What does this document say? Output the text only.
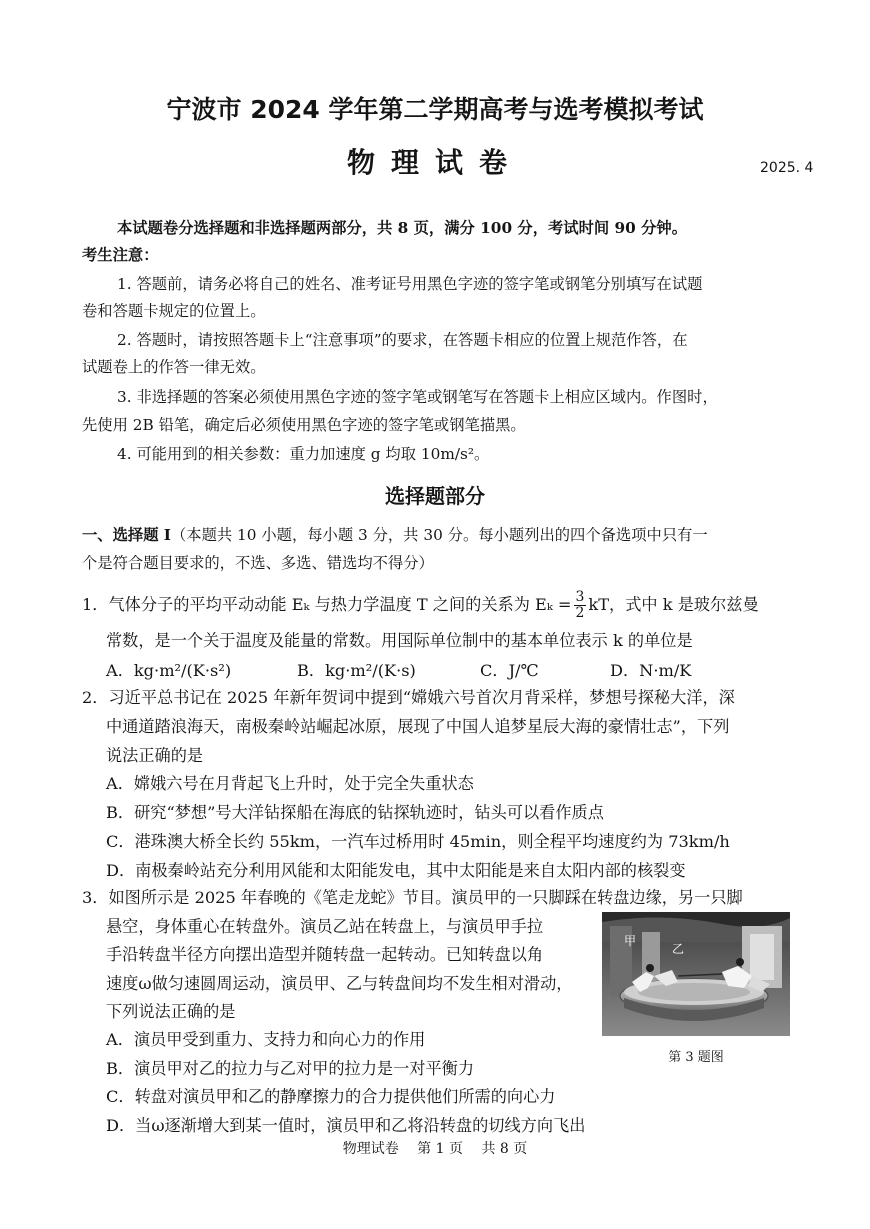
宁波市 2024 学年第二学期高考与选考模拟考试
物理试卷	2025. 4
本试题卷分选择题和非选择题两部分，共 8 页，满分 100 分，考试时间 90 分钟。
考生注意：
1. 答题前，请务必将自己的姓名、准考证号用黑色字迹的签字笔或钢笔分别填写在试题
卷和答题卡规定的位置上。
2. 答题时，请按照答题卡上“注意事项”的要求，在答题卡相应的位置上规范作答，在
试题卷上的作答一律无效。
3. 非选择题的答案必须使用黑色字迹的签字笔或钢笔写在答题卡上相应区域内。作图时，
先使用 2B 铅笔，确定后必须使用黑色字迹的签字笔或钢笔描黑。
4. 可能用到的相关参数：重力加速度 g 均取 10m/s²。
选择题部分
一、选择题 Ⅰ（本题共 10 小题，每小题 3 分，共 30 分。每小题列出的四个备选项中只有一
个是符合题目要求的，不选、多选、错选均不得分）
1． 气体分子的平均平动动能 Eₖ 与热力学温度 T 之间的关系为 $E_k = \frac{3}{2}$ kT，式中 k 是玻尔兹曼
常数，是一个关于温度及能量的常数。用国际单位制中的基本单位表示 k 的单位是
A．kg·m²/(K·s²)	B．kg·m²/(K·s)	C．J/℃	D．N·m/K
2．习近平总书记在 2025 年新年贺词中提到“嫦娥六号首次月背采样，梦想号探秘大洋，深
中通道踏浪海天，南极秦岭站崛起冰原，展现了中国人追梦星辰大海的豪情壮志”，下列
说法正确的是
A．嫦娥六号在月背起飞上升时，处于完全失重状态
B．研究“梦想”号大洋钻探船在海底的钻探轨迹时，钻头可以看作质点
C．港珠澳大桥全长约 55km，一汽车过桥用时 45min，则全程平均速度约为 73km/h
D．南极秦岭站充分利用风能和太阳能发电，其中太阳能是来自太阳内部的核裂变
3．如图所示是 2025 年春晚的《笔走龙蛇》节目。演员甲的一只脚踩在转盘边缘，另一只脚
悬空，身体重心在转盘外。演员乙站在转盘上，与演员甲手拉
手沿转盘半径方向摆出造型并随转盘一起转动。已知转盘以角
速度ω做匀速圆周运动，演员甲、乙与转盘间均不发生相对滑动，
下列说法正确的是
A．演员甲受到重力、支持力和向心力的作用
B．演员甲对乙的拉力与乙对甲的拉力是一对平衡力
C．转盘对演员甲和乙的静摩擦力的合力提供他们所需的向心力
D．当ω逐渐增大到某一值时，演员甲和乙将沿转盘的切线方向飞出
甲
乙
第 3 题图
物理试卷　 第 1 页　 共 8 页
